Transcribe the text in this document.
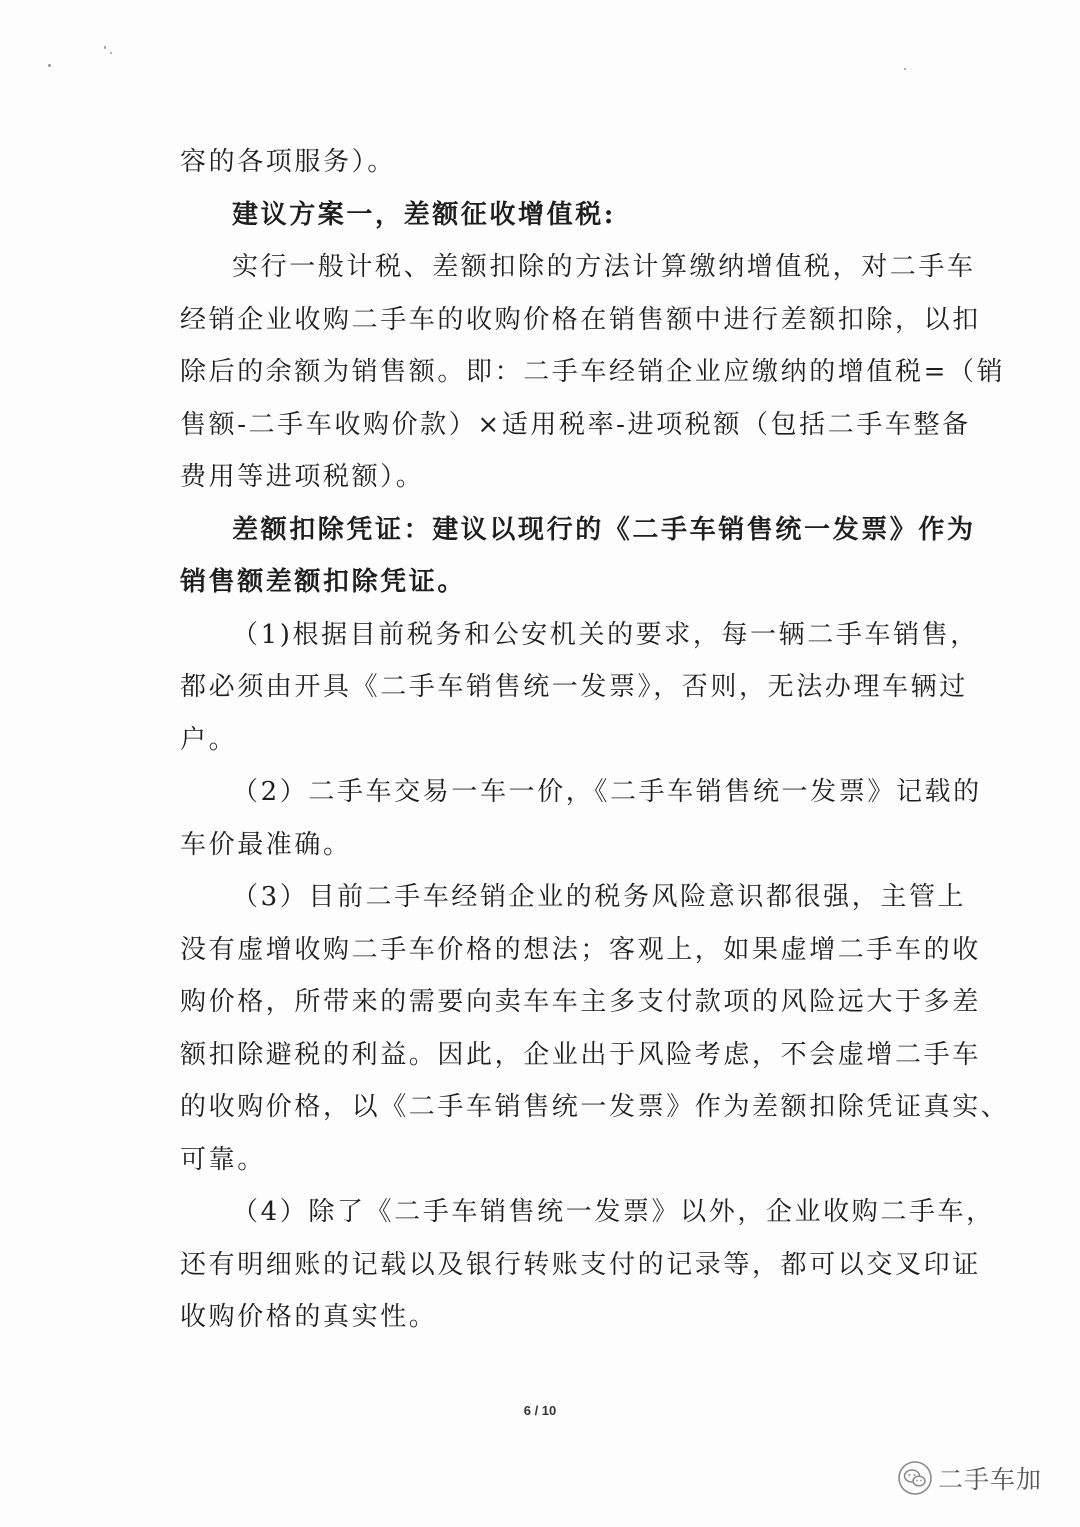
容的各项服务）。
建议方案一，差额征收增值税:
实行一般计税、差额扣除的方法计算缴纳增值税，对二手车
经销企业收购二手车的收购价格在销售额中进行差额扣除，以扣
除后的余额为销售额。即：二手车经销企业应缴纳的增值税=（销
售额-二手车收购价款）×适用税率-进项税额（包括二手车整备
费用等进项税额）。
差额扣除凭证：建议以现行的《二手车销售统一发票》作为
销售额差额扣除凭证。
（1)根据目前税务和公安机关的要求，每一辆二手车销售，
都必须由开具《二手车销售统一发票》，否则，无法办理车辆过
户。
（2）二手车交易一车一价，《二手车销售统一发票》记载的
车价最准确。
（3）目前二手车经销企业的税务风险意识都很强，主管上
没有虚增收购二手车价格的想法；客观上，如果虚增二手车的收
购价格，所带来的需要向卖车车主多支付款项的风险远大于多差
额扣除避税的利益。因此，企业出于风险考虑，不会虚增二手车
的收购价格，以《二手车销售统一发票》作为差额扣除凭证真实、
可靠。
（4）除了《二手车销售统一发票》以外，企业收购二手车，
还有明细账的记载以及银行转账支付的记录等，都可以交叉印证
收购价格的真实性。
6 / 10
二手车加
